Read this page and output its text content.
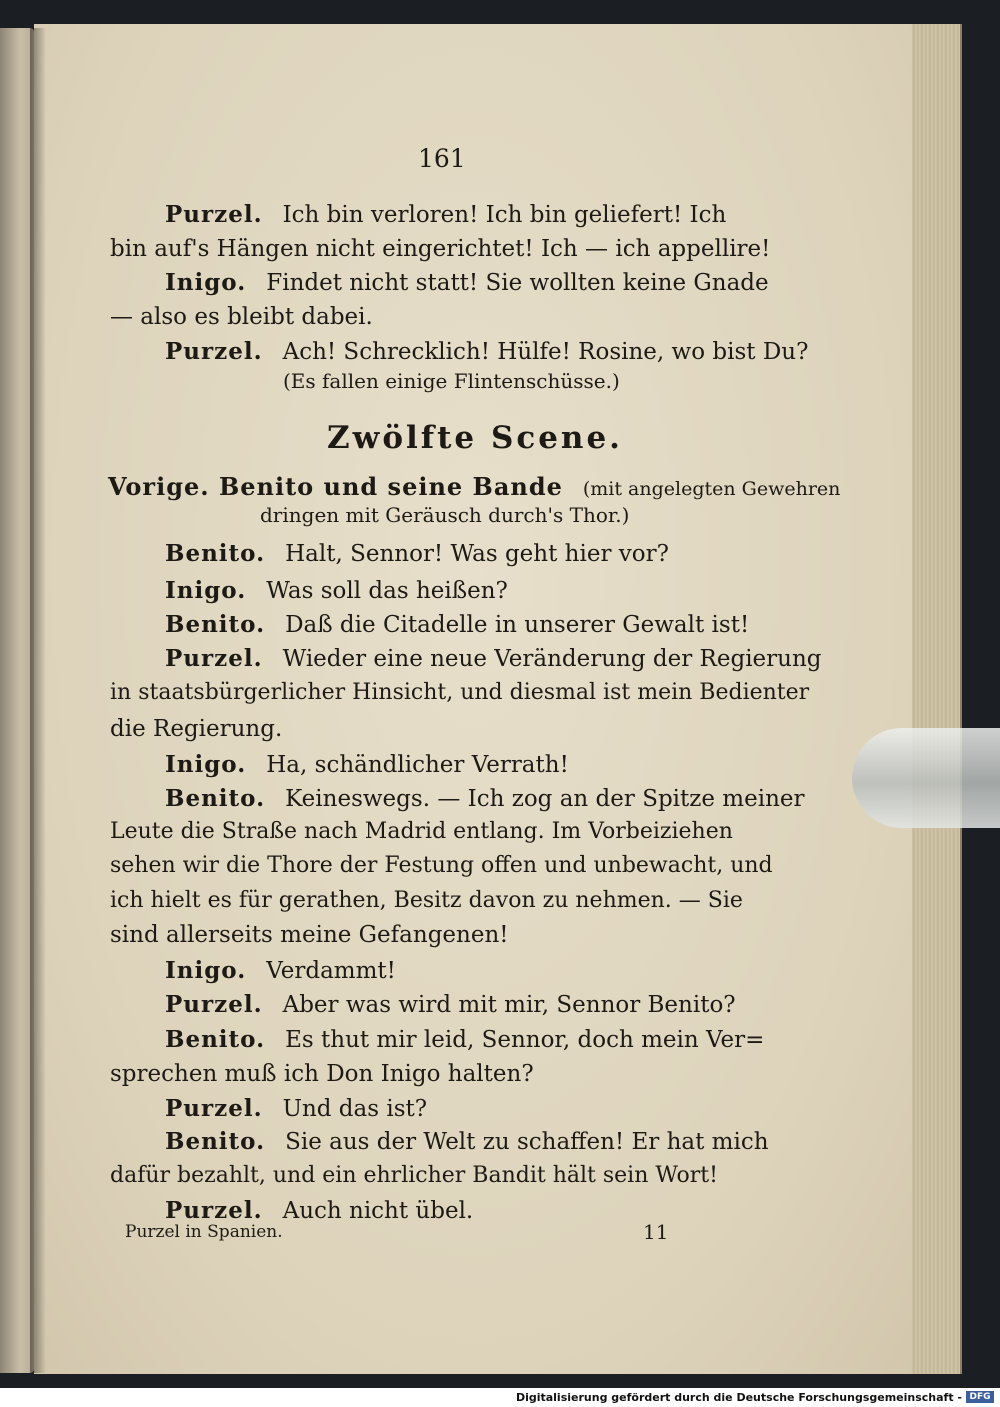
161
Purzel. Ich bin verloren! Ich bin geliefert! Ich
bin auf's Hängen nicht eingerichtet! Ich — ich appellire!
Inigo. Findet nicht statt! Sie wollten keine Gnade
— also es bleibt dabei.
Purzel. Ach! Schrecklich! Hülfe! Rosine, wo bist Du?
(Es fallen einige Flintenschüsse.)
Zwölfte Scene.
Vorige. Benito und seine Bande (mit angelegten Gewehren
dringen mit Geräusch durch's Thor.)
Benito. Halt, Sennor! Was geht hier vor?
Inigo. Was soll das heißen?
Benito. Daß die Citadelle in unserer Gewalt ist!
Purzel. Wieder eine neue Veränderung der Regierung
in staatsbürgerlicher Hinsicht, und diesmal ist mein Bedienter
die Regierung.
Inigo. Ha, schändlicher Verrath!
Benito. Keineswegs. — Ich zog an der Spitze meiner
Leute die Straße nach Madrid entlang. Im Vorbeiziehen
sehen wir die Thore der Festung offen und unbewacht, und
ich hielt es für gerathen, Besitz davon zu nehmen. — Sie
sind allerseits meine Gefangenen!
Inigo. Verdammt!
Purzel. Aber was wird mit mir, Sennor Benito?
Benito. Es thut mir leid, Sennor, doch mein Ver=
sprechen muß ich Don Inigo halten?
Purzel. Und das ist?
Benito. Sie aus der Welt zu schaffen! Er hat mich
dafür bezahlt, und ein ehrlicher Bandit hält sein Wort!
Purzel. Auch nicht übel.
Purzel in Spanien.	11
Digitalisierung gefördert durch die Deutsche Forschungsgemeinschaft - DFG
